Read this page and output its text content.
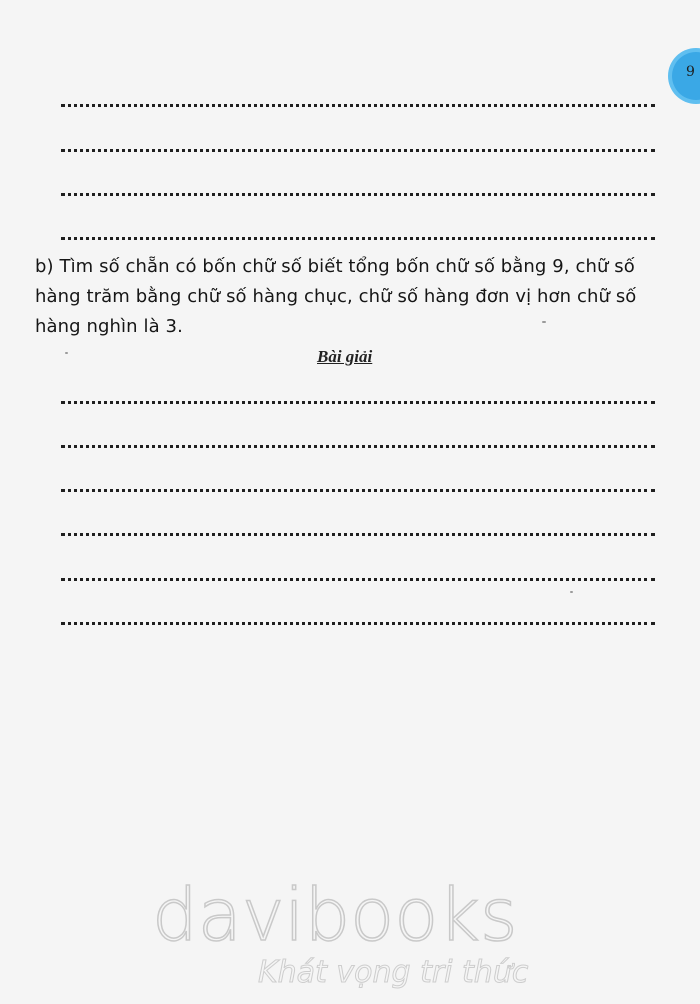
9

b) Tìm số chẵn có bốn chữ số biết tổng bốn chữ số bằng 9, chữ số hàng trăm bằng chữ số hàng chục, chữ số hàng đơn vị hơn chữ số hàng nghìn là 3.

Bài giải
davibooks
Khát vọng tri thức
